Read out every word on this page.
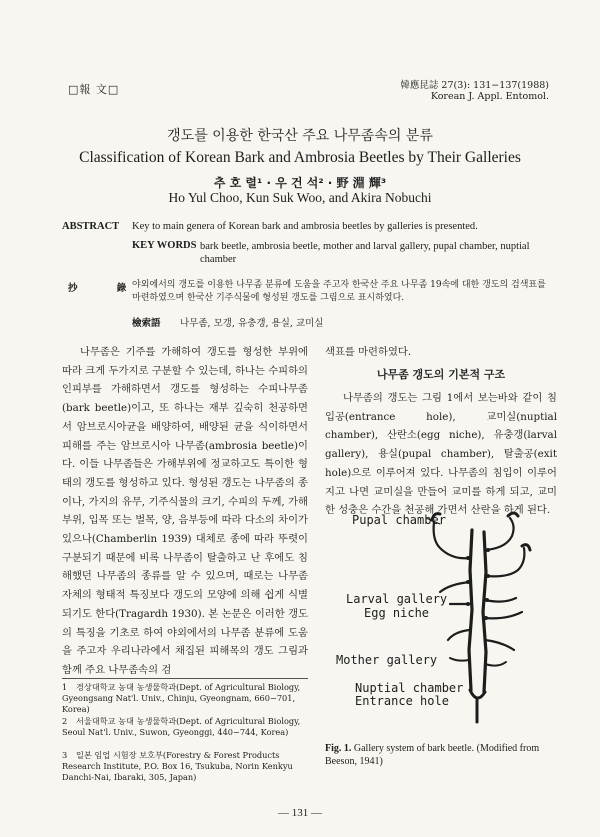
□報 文□	韓應昆誌 27(3): 131−137(1988)
Korean J. Appl. Entomol.
갱도를 이용한 한국산 주요 나무좀속의 분류
Classification of Korean Bark and Ambrosia Beetles by Their Galleries
추 호 렬¹ · 우 건 석² · 野 淵 輝³
Ho Yul Choo, Kun Suk Woo, and Akira Nobuchi
ABSTRACT Key to main genera of Korean bark and ambrosia beetles by galleries is presented.
KEY WORDS bark beetle, ambrosia beetle, mother and larval gallery, pupal chamber, nuptial chamber
抄 錄
야외에서의 갱도를 이용한 나무좀 분류에 도움을 주고자 한국산 주요 나무좀 19속에 대한 갱도의 검색표를 마련하였으며 한국산 기주식물에 형성된 갱도를 그림으로 표시하였다.
檢索語 나무좀, 모갱, 유충갱, 용실, 교미실

나무좀은 기주를 가해하여 갱도를 형성한 부위에 따라 크게 두가지로 구분할 수 있는데, 하나는 수피하의 인피부를 가해하면서 갱도를 형성하는 수피나무좀(bark beetle)이고, 또 하나는 재부 깊숙히 천공하면서 암브로시아균을 배양하여, 배양된 균을 식이하면서 피해를 주는 암브로시아 나무좀(ambrosia beetle)이다. 이들 나무좀들은 가해부위에 정교하고도 특이한 형태의 갱도를 형성하고 있다. 형성된 갱도는 나무좀의 종이나, 가지의 유무, 기주식물의 크기, 수피의 두께, 가해부위, 입목 또는 벌목, 양, 음부등에 따라 다소의 차이가 있으나(Chamberlin 1939) 대체로 종에 따라 뚜렷이 구분되기 때문에 비록 나무좀이 탈출하고 난 후에도 침해했던 나무좀의 종류를 알 수 있으며, 때로는 나무좀 자체의 형태적 특징보다 갱도의 모양에 의해 쉽게 식별되기도 한다(Tragardh 1930). 본 논문은 이러한 갱도의 특징을 기초로 하여 야외에서의 나무좀 분류에 도움을 주고자 우리나라에서 채집된 피해목의 갱도 그림과 함께 주요 나무좀속의 검

색표를 마련하였다.
나무좀 갱도의 기본적 구조

나무좀의 갱도는 그림 1에서 보는바와 같이 침입공(entrance hole), 교미실(nuptial chamber), 산란소(egg niche), 유충갱(larval gallery), 용실(pupal chamber), 탈출공(exit hole)으로 이루어져 있다. 나무좀의 침입이 이루어지고 나면 교미실을 만들어 교미를 하게 되고, 교미한 성충은 수간을 천공해 가면서 산란을 하게 된다.

1 경상대학교 농대 농생물학과(Dept. of Agricultural Biology, Gyeongsang Nat'l. Univ., Chinju, Gyeongnam, 660−701, Korea)
2 서울대학교 농대 농생물학과(Dept. of Agricultural Biology, Seoul Nat'l. Univ., Suwon, Gyeonggi, 440−744, Korea)
3 일본 임업 시험장 보호부(Forestry & Forest Products Research Institute, P.O. Box 16, Tsukuba, Norin Kenkyu Danchi-Nai, Ibaraki, 305, Japan)
Pupal chamber
Larval gallery
Egg niche
Mother gallery
Nuptial chamber
Entrance hole
Fig. 1. Gallery system of bark beetle. (Modified from Beeson, 1941)
— 131 —
